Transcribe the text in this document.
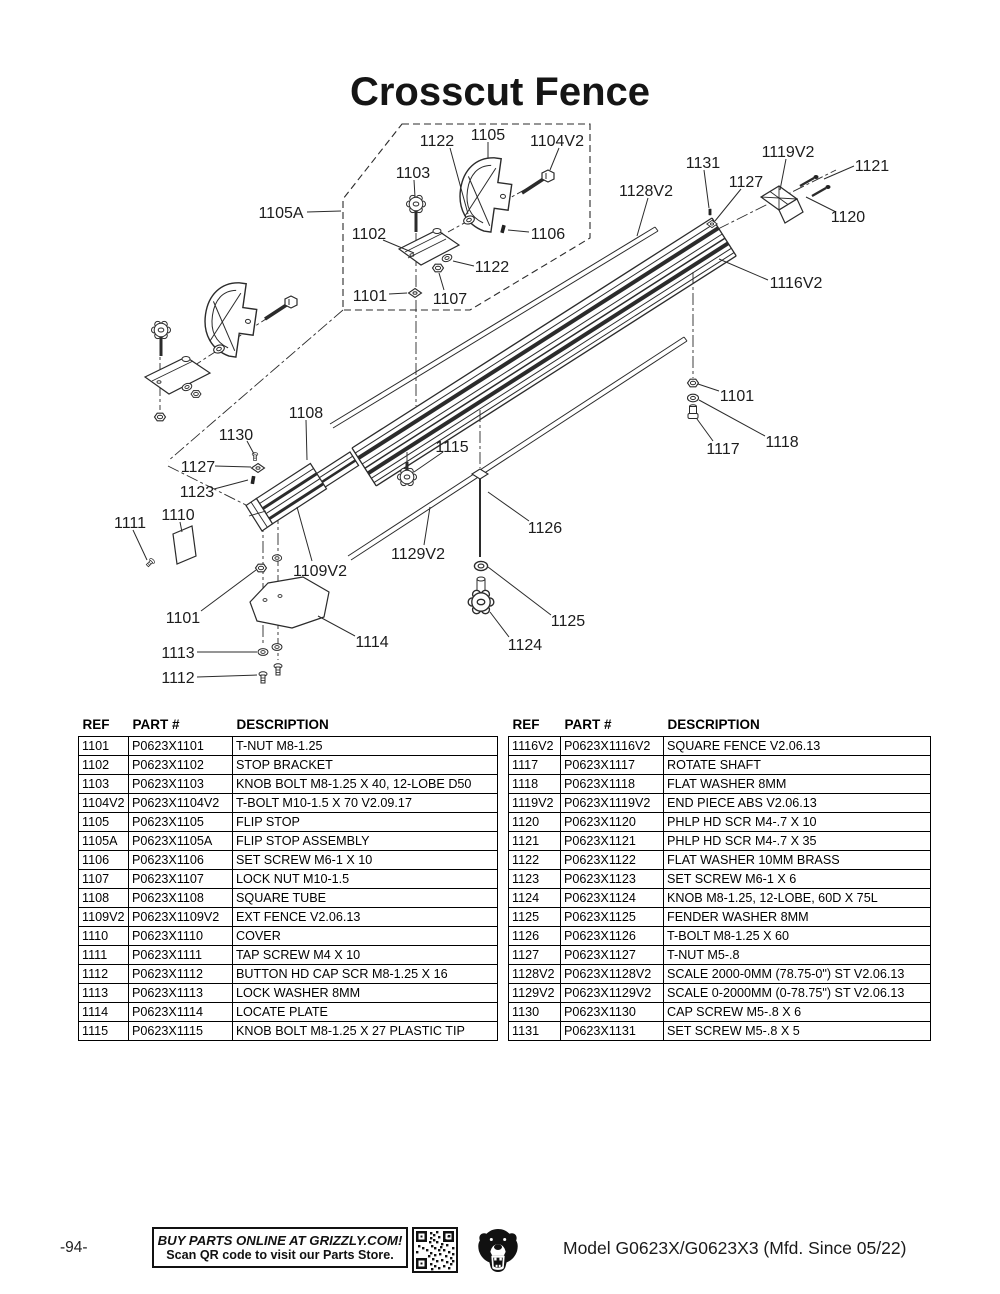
Crosscut Fence
1122 1105 1104V2
1103
1105A
1102	1106
1122
1101	1107
1128V2
1131
1127
1119V2
1121
1120
1116V2
1101
1117 1118
1108
1130
1127
1123
1110
1111
1115
1126
1129V2
1109V2
1101
1114
1113
1112
1125
1124
REF	PART #	DESCRIPTION
1101	P0623X1101	T-NUT M8-1.25
1102	P0623X1102	STOP BRACKET
1103	P0623X1103	KNOB BOLT M8-1.25 X 40, 12-LOBE D50
1104V2	P0623X1104V2	T-BOLT M10-1.5 X 70 V2.09.17
1105	P0623X1105	FLIP STOP
1105A	P0623X1105A	FLIP STOP ASSEMBLY
1106	P0623X1106	SET SCREW M6-1 X 10
1107	P0623X1107	LOCK NUT M10-1.5
1108	P0623X1108	SQUARE TUBE
1109V2	P0623X1109V2	EXT FENCE V2.06.13
1110	P0623X1110	COVER
1111	P0623X1111	TAP SCREW M4 X 10
1112	P0623X1112	BUTTON HD CAP SCR M8-1.25 X 16
1113	P0623X1113	LOCK WASHER 8MM
1114	P0623X1114	LOCATE PLATE
1115	P0623X1115	KNOB BOLT M8-1.25 X 27 PLASTIC TIP
REF	PART #	DESCRIPTION
1116V2	P0623X1116V2	SQUARE FENCE V2.06.13
1117	P0623X1117	ROTATE SHAFT
1118	P0623X1118	FLAT WASHER 8MM
1119V2	P0623X1119V2	END PIECE ABS V2.06.13
1120	P0623X1120	PHLP HD SCR M4-.7 X 10
1121	P0623X1121	PHLP HD SCR M4-.7 X 35
1122	P0623X1122	FLAT WASHER 10MM BRASS
1123	P0623X1123	SET SCREW M6-1 X 6
1124	P0623X1124	KNOB M8-1.25, 12-LOBE, 60D X 75L
1125	P0623X1125	FENDER WASHER 8MM
1126	P0623X1126	T-BOLT M8-1.25 X 60
1127	P0623X1127	T-NUT M5-.8
1128V2	P0623X1128V2	SCALE 2000-0MM (78.75-0") ST V2.06.13
1129V2	P0623X1129V2	SCALE 0-2000MM (0-78.75") ST V2.06.13
1130	P0623X1130	CAP SCREW M5-.8 X 6
1131	P0623X1131	SET SCREW M5-.8 X 5
-94-	BUY PARTS ONLINE AT GRIZZLY.COM!
Scan QR code to visit our Parts Store.	Model G0623X/G0623X3 (Mfd. Since 05/22)
